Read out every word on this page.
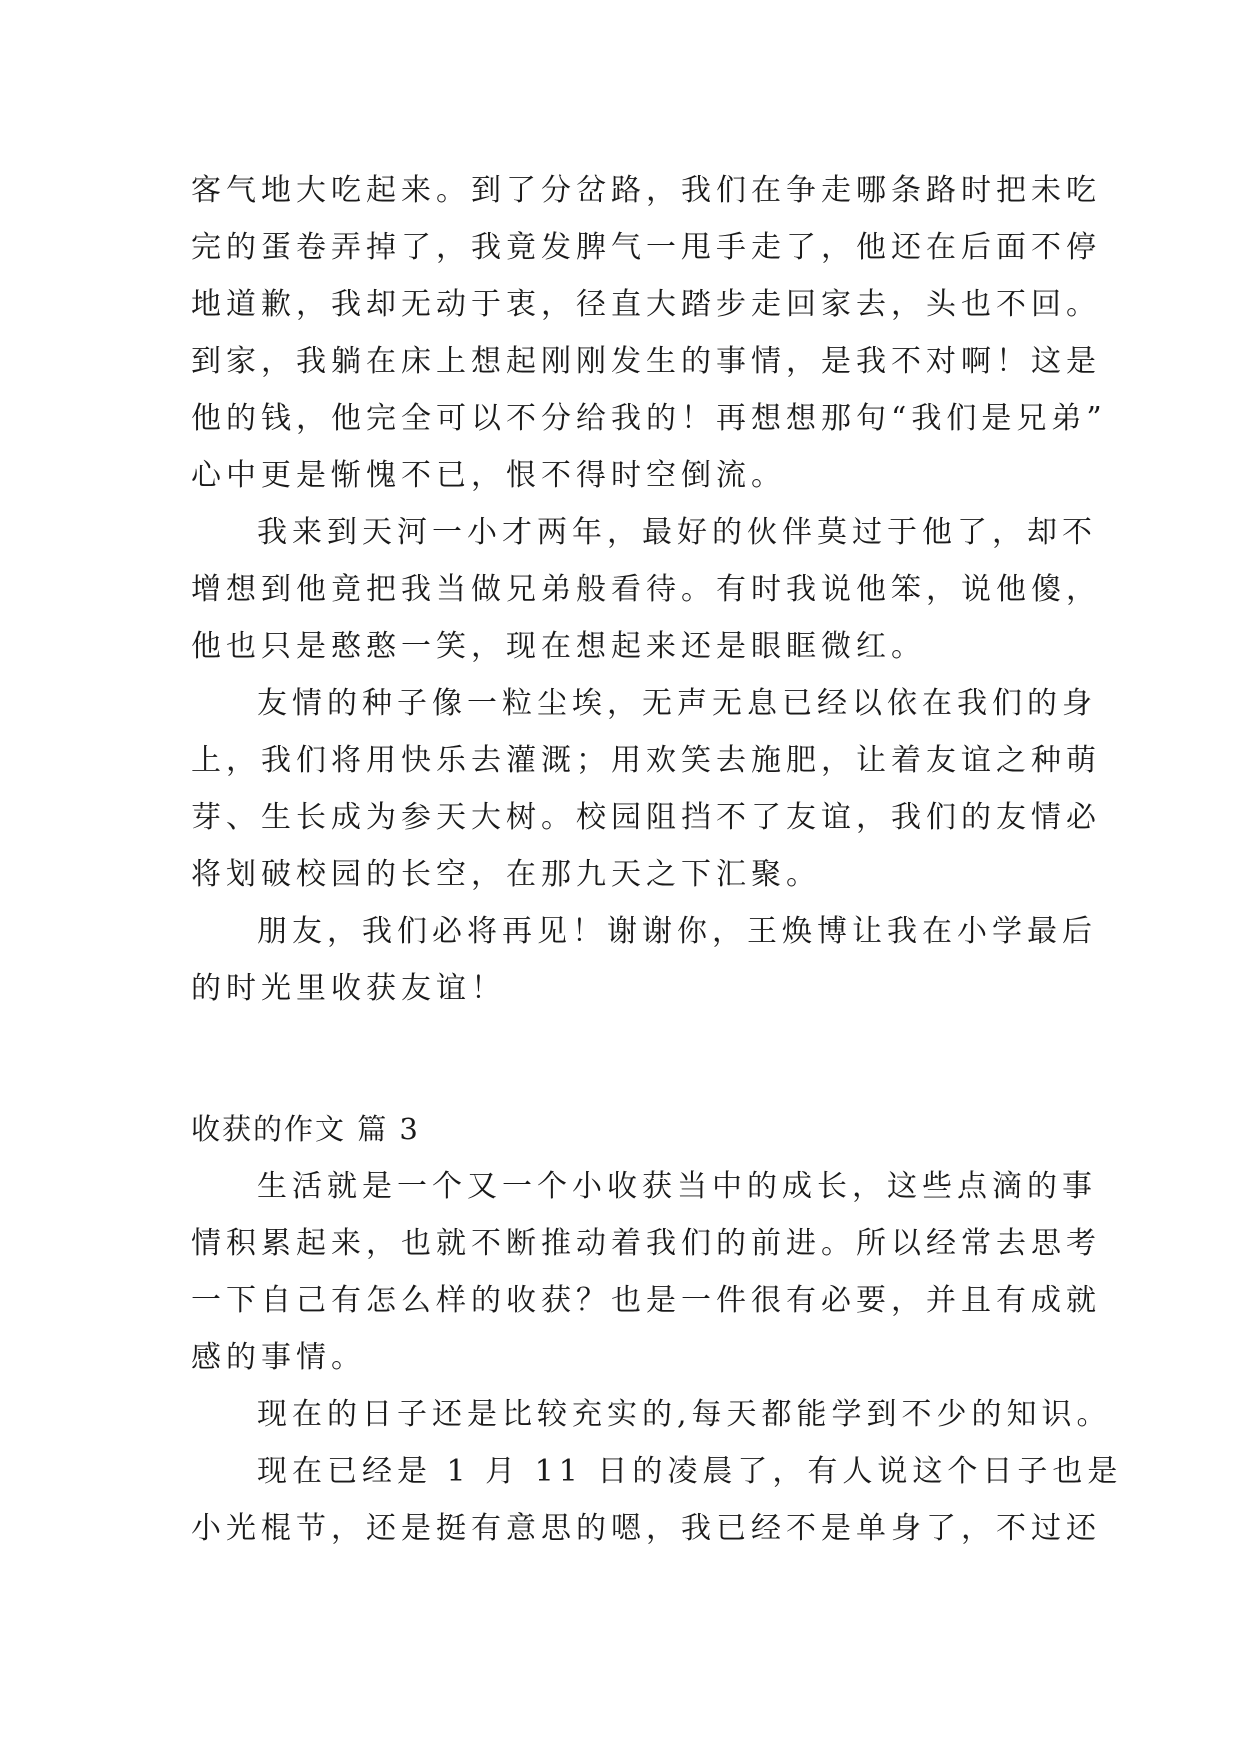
客气地大吃起来。到了分岔路，我们在争走哪条路时把未吃
完的蛋卷弄掉了，我竟发脾气一甩手走了，他还在后面不停
地道歉，我却无动于衷，径直大踏步走回家去，头也不回。
到家，我躺在床上想起刚刚发生的事情，是我不对啊！这是
他的钱，他完全可以不分给我的！再想想那句“我们是兄弟”
心中更是惭愧不已，恨不得时空倒流。
我来到天河一小才两年，最好的伙伴莫过于他了，却不
增想到他竟把我当做兄弟般看待。有时我说他笨，说他傻，
他也只是憨憨一笑，现在想起来还是眼眶微红。
友情的种子像一粒尘埃，无声无息已经以依在我们的身
上，我们将用快乐去灌溉；用欢笑去施肥，让着友谊之种萌
芽、生长成为参天大树。校园阻挡不了友谊，我们的友情必
将划破校园的长空，在那九天之下汇聚。
朋友，我们必将再见！谢谢你，王焕博让我在小学最后
的时光里收获友谊！
收获的作文 篇 3
生活就是一个又一个小收获当中的成长，这些点滴的事
情积累起来，也就不断推动着我们的前进。所以经常去思考
一下自己有怎么样的收获？也是一件很有必要，并且有成就
感的事情。
现在的日子还是比较充实的,每天都能学到不少的知识。
现在已经是 1 月 11 日的凌晨了，有人说这个日子也是
小光棍节，还是挺有意思的嗯，我已经不是单身了，不过还
